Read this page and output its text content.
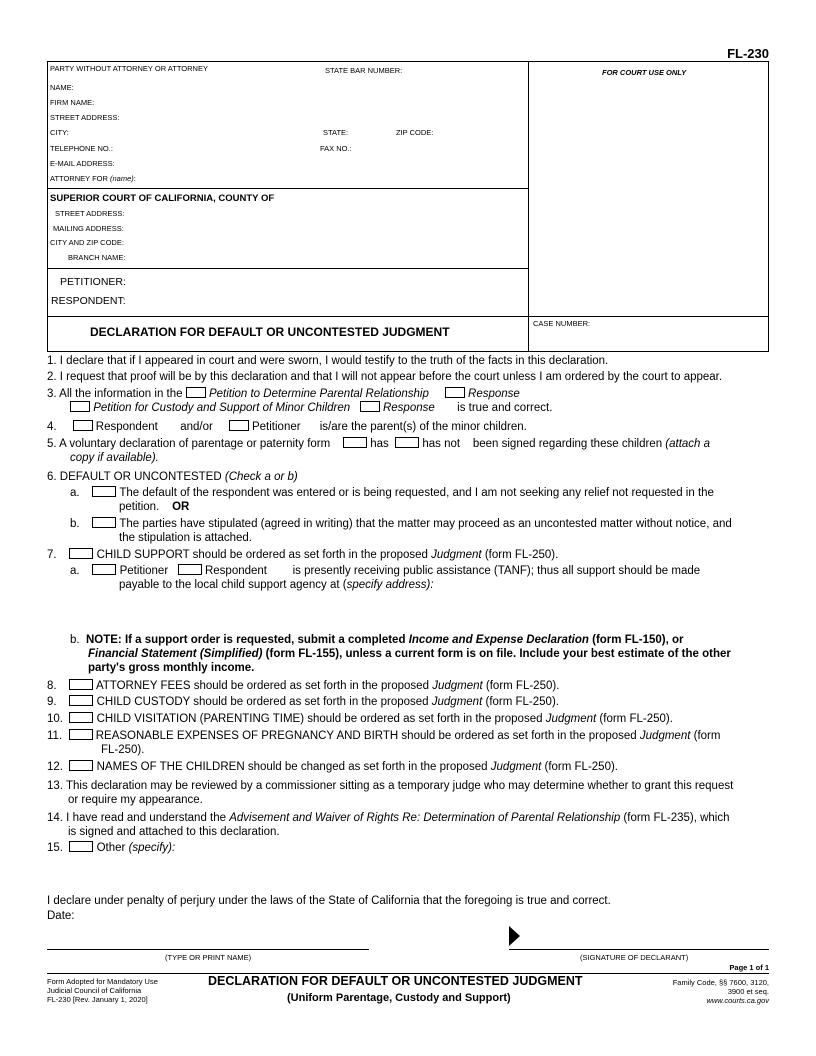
FL-230
PARTY WITHOUT ATTORNEY OR ATTORNEY	STATE BAR NUMBER:	FOR COURT USE ONLY
NAME:
FIRM NAME:
STREET ADDRESS:
CITY:	STATE:	ZIP CODE:
TELEPHONE NO.:	FAX NO.:
E-MAIL ADDRESS:
ATTORNEY FOR (name):
SUPERIOR COURT OF CALIFORNIA, COUNTY OF
STREET ADDRESS:
MAILING ADDRESS:
CITY AND ZIP CODE:
BRANCH NAME:
PETITIONER:
RESPONDENT:
DECLARATION FOR DEFAULT OR UNCONTESTED JUDGMENT
CASE NUMBER:
1. I declare that if I appeared in court and were sworn, I would testify to the truth of the facts in this declaration.
2. I request that proof will be by this declaration and that I will not appear before the court unless I am ordered by the court to appear.
3. All the information in the Petition to Determine Parental Relationship	Response
Petition for Custody and Support of Minor Children	Response is true and correct.
4.	Respondent and/or	Petitioner is/are the parent(s) of the minor children.
5. A voluntary declaration of parentage or paternity form	has	has not been signed regarding these children (attach a
copy if available).
6. DEFAULT OR UNCONTESTED (Check a or b)
a.	The default of the respondent was entered or is being requested, and I am not seeking any relief not requested in the
petition. OR
b.	The parties have stipulated (agreed in writing) that the matter may proceed as an uncontested matter without notice, and
the stipulation is attached.
7.	CHILD SUPPORT should be ordered as set forth in the proposed Judgment (form FL-250).
a.	Petitioner	Respondent is presently receiving public assistance (TANF); thus all support should be made
payable to the local child support agency at (specify address):
b. NOTE: If a support order is requested, submit a completed Income and Expense Declaration (form FL-150), or
Financial Statement (Simplified) (form FL-155), unless a current form is on file. Include your best estimate of the other
party's gross monthly income.
8.	ATTORNEY FEES should be ordered as set forth in the proposed Judgment (form FL-250).
9.	CHILD CUSTODY should be ordered as set forth in the proposed Judgment (form FL-250).
10.	CHILD VISITATION (PARENTING TIME) should be ordered as set forth in the proposed Judgment (form FL-250).
11.	REASONABLE EXPENSES OF PREGNANCY AND BIRTH should be ordered as set forth in the proposed Judgment (form
FL-250).
12.	NAMES OF THE CHILDREN should be changed as set forth in the proposed Judgment (form FL-250).
13. This declaration may be reviewed by a commissioner sitting as a temporary judge who may determine whether to grant this request
or require my appearance.
14. I have read and understand the Advisement and Waiver of Rights Re: Determination of Parental Relationship (form FL-235), which
is signed and attached to this declaration.
15.	Other (specify):
I declare under penalty of perjury under the laws of the State of California that the foregoing is true and correct.
Date:
(TYPE OR PRINT NAME)	(SIGNATURE OF DECLARANT)
Page 1 of 1
Form Adopted for Mandatory Use
Judicial Council of California
FL-230 [Rev. January 1, 2020]
DECLARATION FOR DEFAULT OR UNCONTESTED JUDGMENT
(Uniform Parentage, Custody and Support)
Family Code, §§ 7600, 3120,
3900 et seq.
www.courts.ca.gov
